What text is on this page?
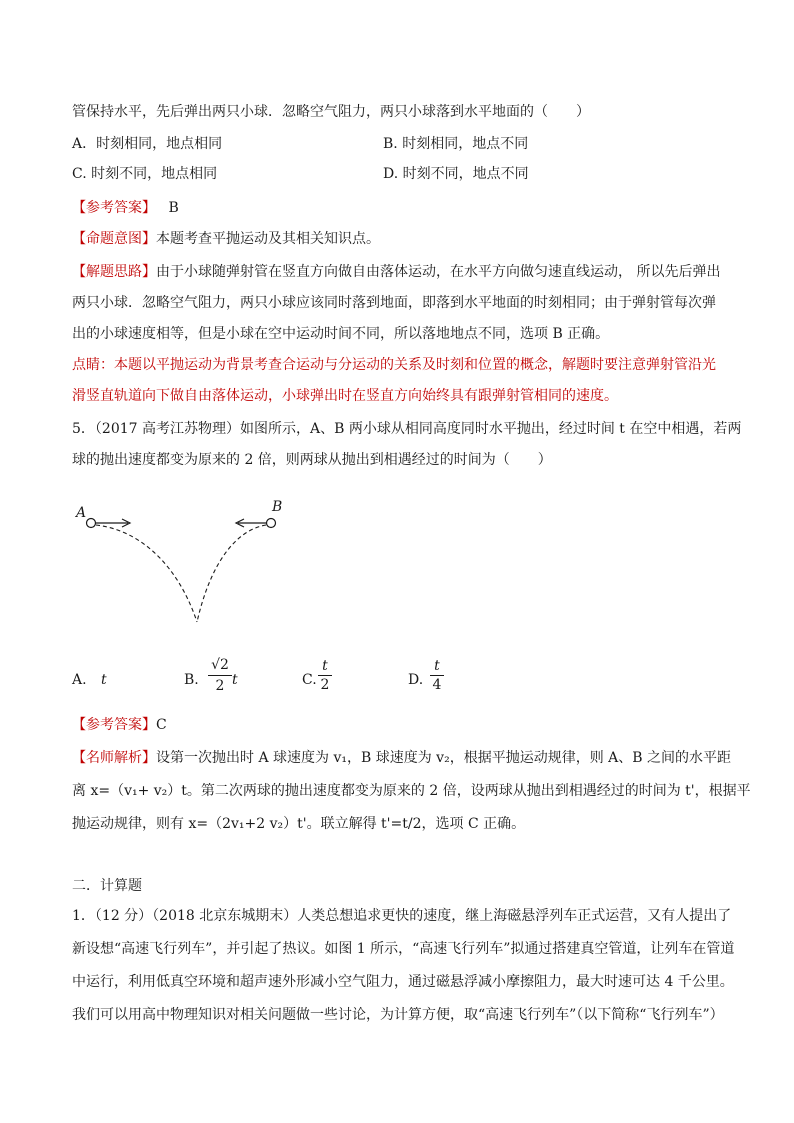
管保持水平，先后弹出两只小球．忽略空气阻力，两只小球落到水平地面的（　　）
A．时刻相同，地点相同	B. 时刻相同，地点不同
C. 时刻不同，地点相同	D. 时刻不同，地点不同
【参考答案】 B
【命题意图】本题考查平抛运动及其相关知识点。
【解题思路】由于小球随弹射管在竖直方向做自由落体运动，在水平方向做匀速直线运动， 所以先后弹出
两只小球．忽略空气阻力，两只小球应该同时落到地面，即落到水平地面的时刻相同；由于弹射管每次弹
出的小球速度相等，但是小球在空中运动时间不同，所以落地地点不同，选项 B 正确。
点睛：本题以平抛运动为背景考查合运动与分运动的关系及时刻和位置的概念，解题时要注意弹射管沿光
滑竖直轨道向下做自由落体运动，小球弹出时在竖直方向始终具有跟弹射管相同的速度。
5．（2017 高考江苏物理）如图所示，A、B 两小球从相同高度同时水平抛出，经过时间 t 在空中相遇，若两
球的抛出速度都变为原来的 2 倍，则两球从抛出到相遇经过的时间为（　　）
A	B
A. t	B.
√2
2 t	C.
t
2	D.
t
4
【参考答案】C
【名师解析】设第一次抛出时 A 球速度为 v₁，B 球速度为 v₂，根据平抛运动规律，则 A、B 之间的水平距
离 x=（v₁+ v₂）t。第二次两球的抛出速度都变为原来的 2 倍，设两球从抛出到相遇经过的时间为 t'，根据平
抛运动规律，则有 x=（2v₁+2 v₂）t'。联立解得 t'=t/2，选项 C 正确。
二．计算题
1．（12 分）（2018 北京东城期末）人类总想追求更快的速度，继上海磁悬浮列车正式运营，又有人提出了
新设想“高速飞行列车”，并引起了热议。如图 1 所示，“高速飞行列车”拟通过搭建真空管道，让列车在管道
中运行，利用低真空环境和超声速外形减小空气阻力，通过磁悬浮减小摩擦阻力，最大时速可达 4 千公里。
我们可以用高中物理知识对相关问题做一些讨论，为计算方便，取“高速飞行列车”（以下简称“飞行列车”）
